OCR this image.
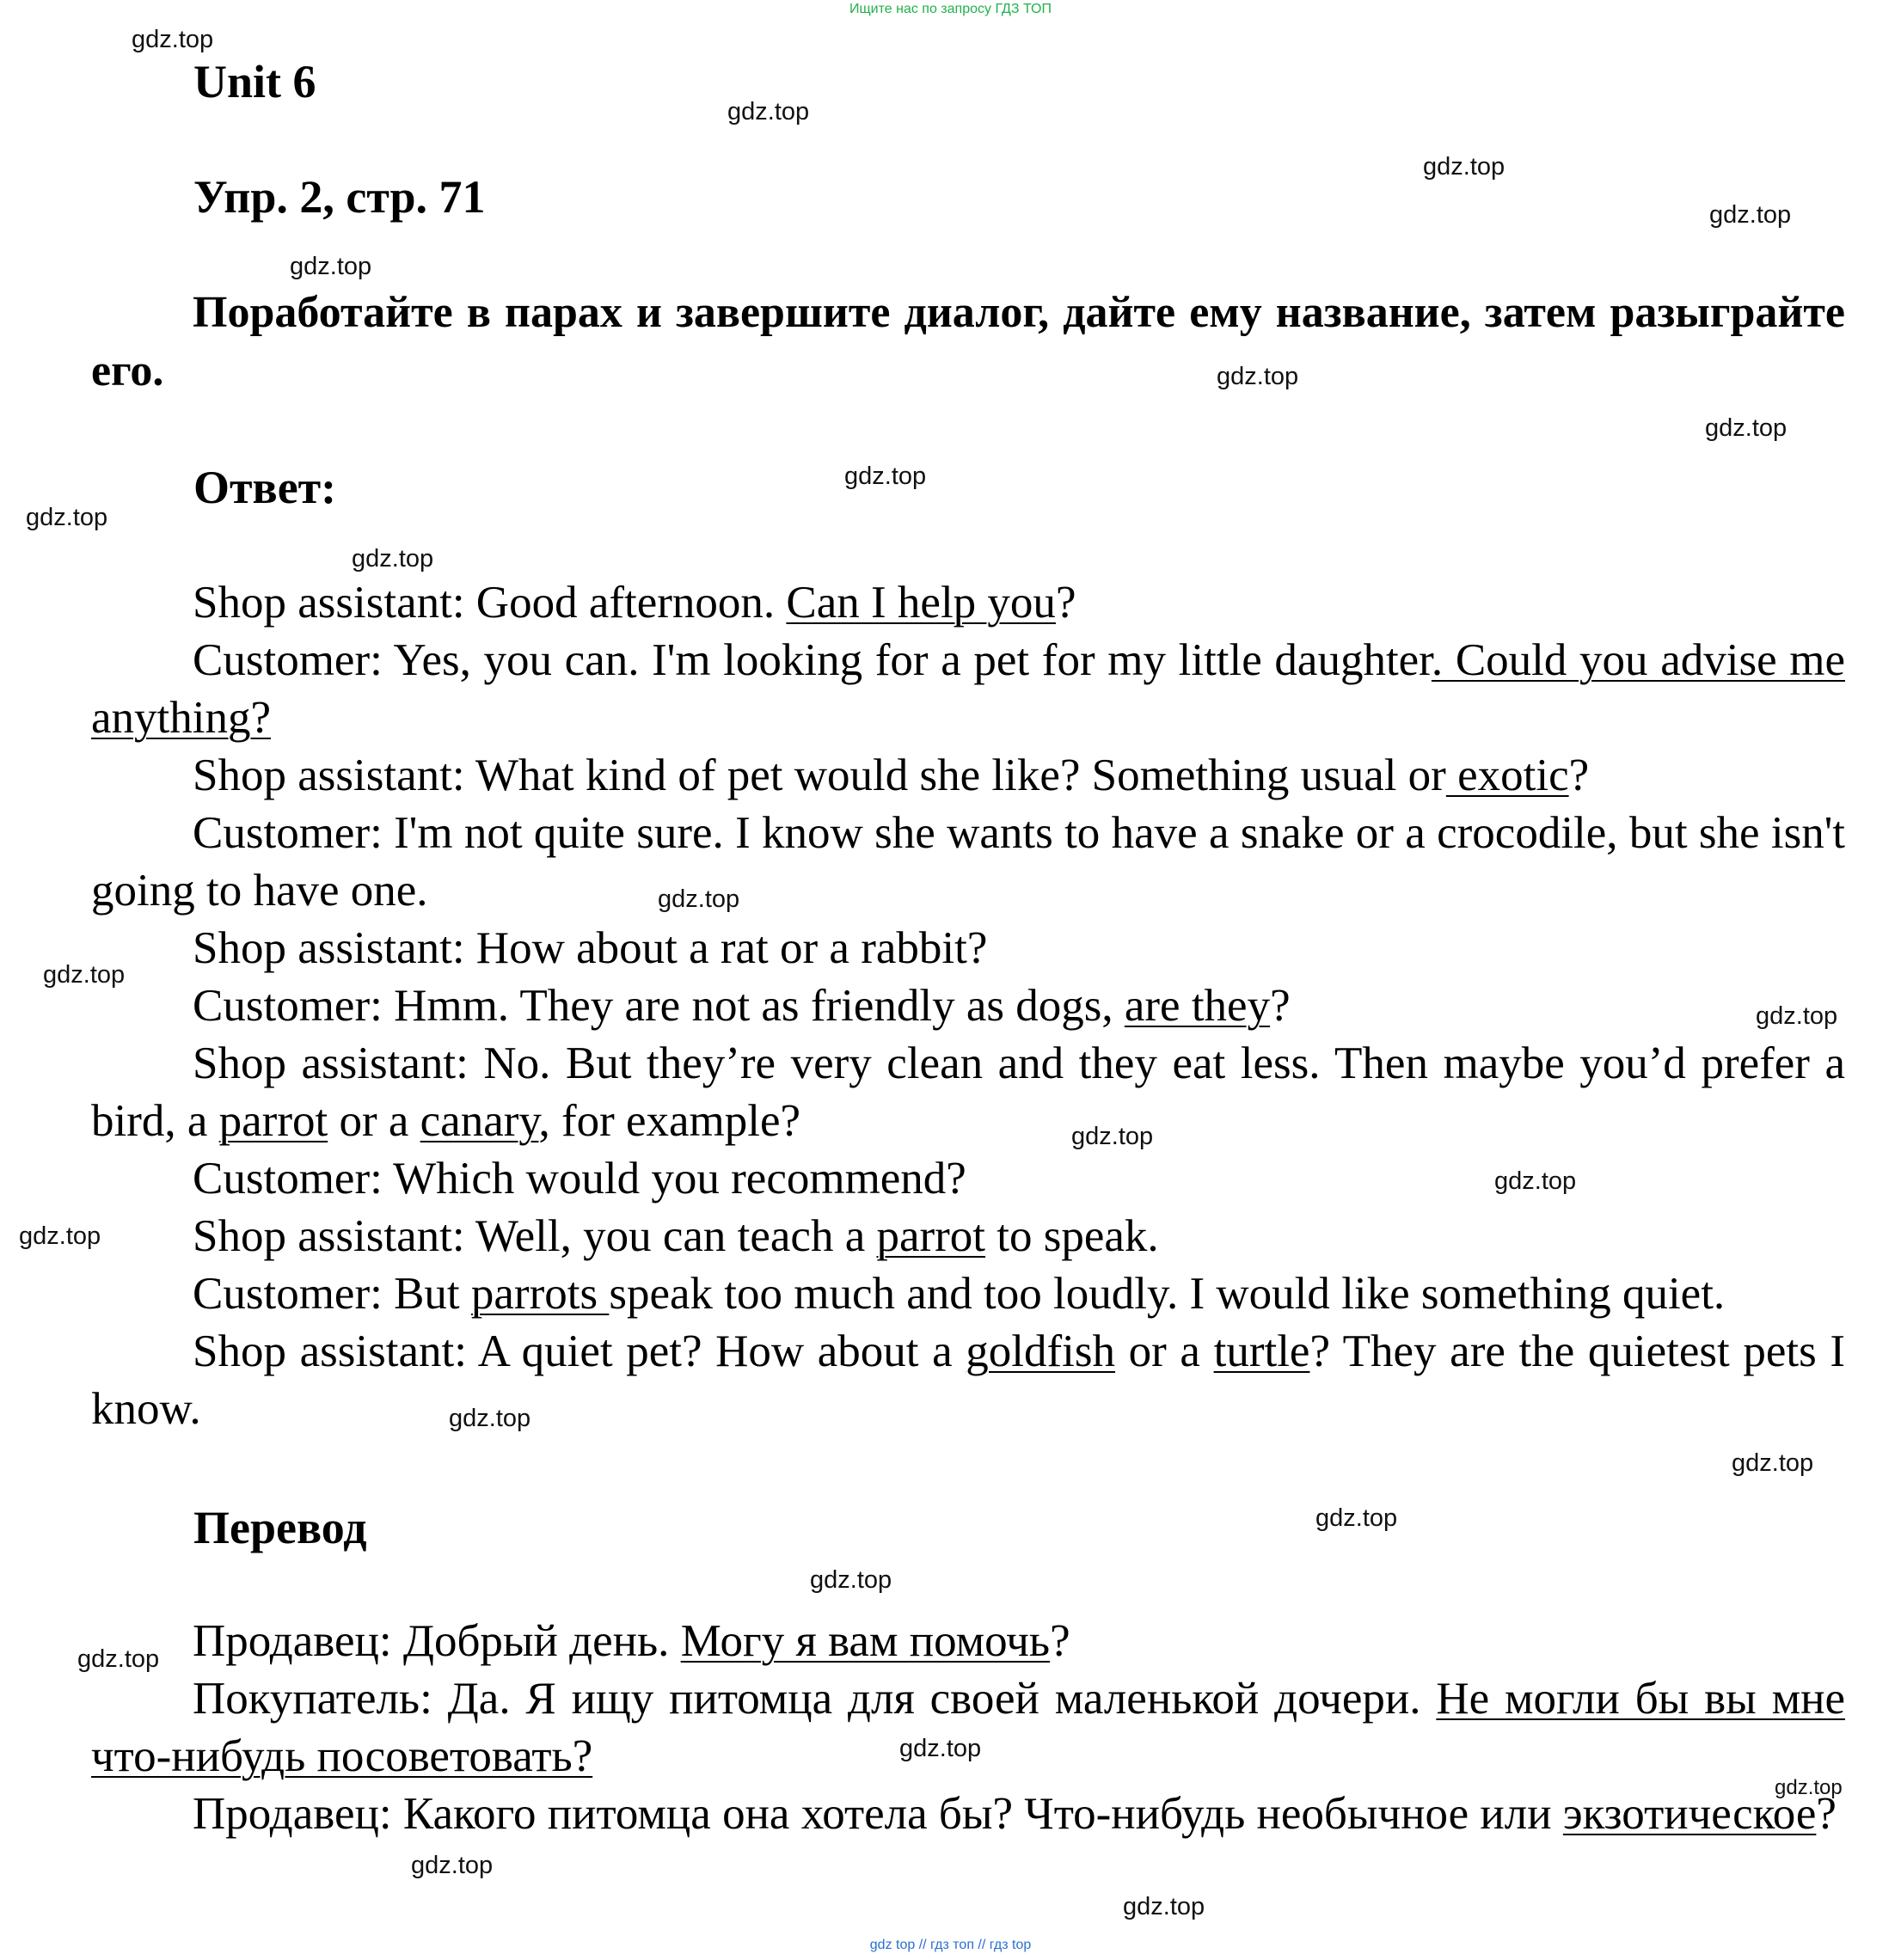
Ищите нас по запросу ГДЗ ТОП
Unit 6
Упр. 2, стр. 71
Поработайте в парах и завершите диалог, дайте ему название, затем разыграйте его.
Ответ:

Shop assistant: Good afternoon. Can I help you?

Customer: Yes, you can. I'm looking for a pet for my little daughter. Could you advise me anything?

Shop assistant: What kind of pet would she like? Something usual or exotic?

Customer: I'm not quite sure. I know she wants to have a snake or a crocodile, but she isn't going to have one.

Shop assistant: How about a rat or a rabbit?

Customer: Hmm. They are not as friendly as dogs, are they?

Shop assistant: No. But they’re very clean and they eat less. Then maybe you’d prefer a bird, a parrot or a canary, for example?

Customer: Which would you recommend?

Shop assistant: Well, you can teach a parrot to speak.

Customer: But parrots speak too much and too loudly. I would like something quiet.

Shop assistant: A quiet pet? How about a goldfish or a turtle? They are the quietest pets I know.

Перевод

Продавец: Добрый день. Могу я вам помочь?

Покупатель: Да. Я ищу питомца для своей маленькой дочери. Не могли бы вы мне что-нибудь посоветовать?

Продавец: Какого питомца она хотела бы? Что-нибудь необычное или экзотическое?

gdz.top
gdz.top
gdz.top
gdz.top
gdz.top
gdz.top
gdz.top
gdz.top
gdz.top
gdz.top
gdz.top
gdz.top
gdz.top
gdz.top
gdz.top
gdz.top
gdz.top
gdz.top
gdz.top
gdz.top
gdz.top
gdz.top
gdz.top
gdz.top
gdz.top
gdz top // гдз топ // гдз top
